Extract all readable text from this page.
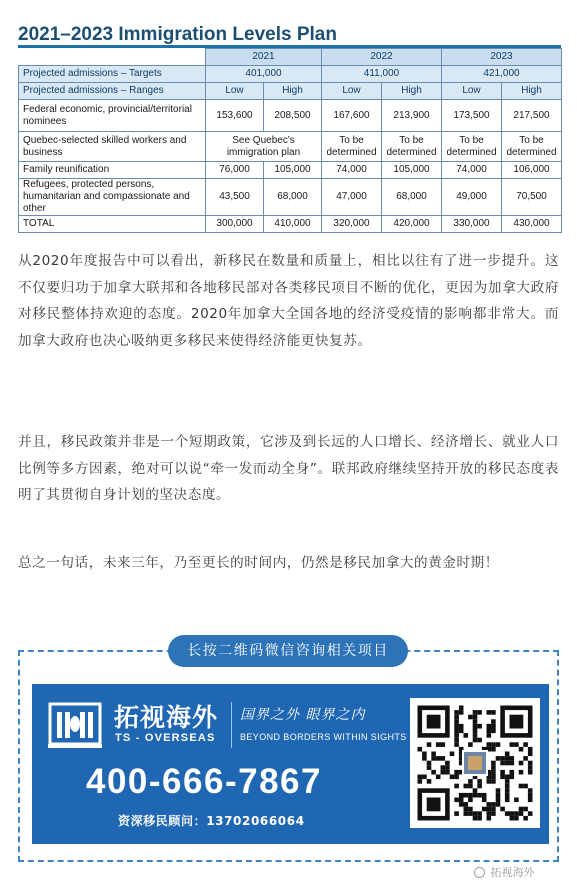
2021–2023 Immigration Levels Plan
	2021		2022		2023	
Projected admissions – Targets	401,000		411,000		421,000	
Projected admissions – Ranges	Low	High	Low	High	Low	High
Federal economic, provincial/territorial nominees	153,600	208,500	167,600	213,900	173,500	217,500
Quebec-selected skilled workers and business	See Quebec's immigration plan		To be determined	To be determined	To be determined	To be determined
Family reunification	76,000	105,000	74,000	105,000	74,000	106,000
Refugees, protected persons, humanitarian and compassionate and other	43,500	68,000	47,000	68,000	49,000	70,500
TOTAL	300,000	410,000	320,000	420,000	330,000	430,000

从2020年度报告中可以看出，新移民在数量和质量上，相比以往有了进一步提升。这不仅要归功于加拿大联邦和各地移民部对各类移民项目不断的优化，更因为加拿大政府对移民整体持欢迎的态度。2020年加拿大全国各地的经济受疫情的影响都非常大。而加拿大政府也决心吸纳更多移民来使得经济能更快复苏。

并且，移民政策并非是一个短期政策，它涉及到长远的人口增长、经济增长、就业人口比例等多方因素，绝对可以说“牵一发而动全身”。联邦政府继续坚持开放的移民态度表明了其贯彻自身计划的坚决态度。

总之一句话，未来三年，乃至更长的时间内，仍然是移民加拿大的黄金时期！

长按二维码微信咨询相关项目
拓视海外
TS - OVERSEAS
国界之外 眼界之内
BEYOND BORDERS WITHIN SIGHTS
400-666-7867
资深移民顾问：13702066064
拓视海外
